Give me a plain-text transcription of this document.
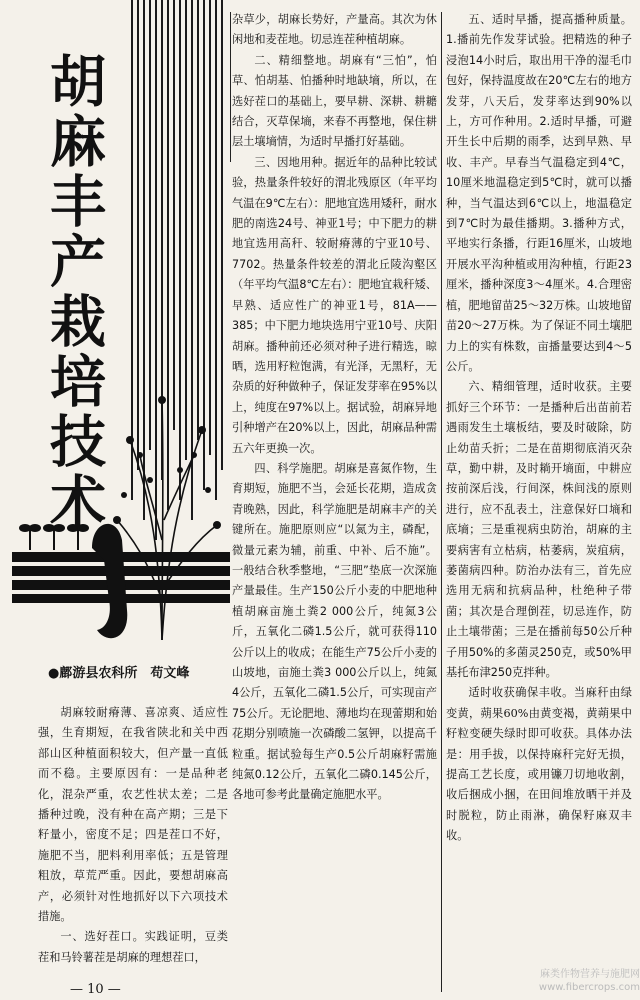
胡麻丰产栽培技术
●鄜游县农科所　苟文峰

胡麻较耐瘠薄、喜凉爽、适应性强，生育期短，在我省陕北和关中西部山区种植面积较大，但产量一直低而不稳。主要原因有：一是品种老化，混杂严重，农艺性状太差；二是播种过晚，没有种在高产期；三是下籽量小，密度不足；四是茬口不好，施肥不当，肥料利用率低；五是管理粗放，草荒严重。因此，要想胡麻高产，必须针对性地抓好以下六项技术措施。

一、选好茬口。实践证明，豆类茬和马铃薯茬是胡麻的理想茬口，

杂草少，胡麻长势好，产量高。其次为休闲地和麦茬地。切忌连茬种植胡麻。

二、精细整地。胡麻有“三怕”，怕草、怕胡基、怕播种时地缺墒，所以，在选好茬口的基础上，要早耕、深耕、耕耱结合，灭草保墒，来春不再整地，保住耕层土壤墒情，为适时早播打好基础。

三、因地用种。据近年的品种比较试验，热量条件较好的渭北残原区（年平均气温在9℃左右）：肥地宜选用矮秆，耐水肥的南选24号、神亚1号；中下肥力的耕地宜选用高秆、较耐瘠薄的宁亚10号、7702。热量条件较差的渭北丘陵沟壑区（年平均气温8℃左右）：肥地宜栽秆矮、早熟、适应性广的神亚1号，81A——385；中下肥力地块选用宁亚10号、庆阳胡麻。播种前还必须对种子进行精选，晾晒，选用籽粒饱满，有光泽，无黑籽，无杂质的好种做种子，保证发芽率在95%以上，纯度在97%以上。据试验，胡麻异地引种增产在20%以上，因此，胡麻品种需五六年更换一次。

四、科学施肥。胡麻是喜氮作物，生育期短，施肥不当，会延长花期，造成贪青晚熟，因此，科学施肥是胡麻丰产的关键所在。施肥原则应“以氮为主，磷配，微量元素为辅，前重、中补、后不施”。一般结合秋季整地，“三肥”垫底一次深施产量最佳。生产150公斤小麦的中肥地种植胡麻亩施土粪2 000公斤，纯氮3公斤，五氧化二磷1.5公斤，就可获得110公斤以上的收成；在能生产75公斤小麦的山坡地，亩施土粪3 000公斤以上，纯氮4公斤，五氧化二磷1.5公斤，可实现亩产75公斤。无论肥地、薄地均在现蕾期和始花期分别喷施一次磷酸二氢钾，以提高千粒重。据试验每生产0.5公斤胡麻籽需施纯氮0.12公斤，五氧化二磷0.145公斤，各地可参考此量确定施肥水平。

五、适时早播，提高播种质量。1.播前先作发芽试验。把精选的种子浸泡14小时后，取出用干净的湿毛巾包好，保持温度故在20℃左右的地方发芽，八天后，发芽率达到90%以上，方可作种用。2.适时早播，可避开生长中后期的雨季，达到早熟、早收、丰产。早春当气温稳定到4℃，10厘米地温稳定到5℃时，就可以播种，当气温达到6℃以上，地温稳定到7℃时为最佳播期。3.播种方式，平地实行条播，行距16厘米，山坡地开展水平沟种植或用沟种植，行距23厘米，播种深度3～4厘米。4.合理密植，肥地留苗25～32万株。山坡地留苗20～27万株。为了保证不同土壤肥力上的实有株数，亩播量要达到4～5公斤。

六、精细管理，适时收获。主要抓好三个环节：一是播种后出苗前若遇雨发生土壤板结，要及时破除，防止幼苗夭折；二是在苗期彻底消灭杂草，勤中耕，及时耥开墒面，中耕应按前深后浅，行间深，株间浅的原则进行，应不乱表土，注意保好口墒和底墒；三是重视病虫防治，胡麻的主要病害有立枯病，枯萎病，炭疽病，萎菌病四种。防治办法有三，首先应选用无病和抗病品种，杜绝种子带菌；其次是合理倒茬，切忌连作，防止土壤带菌；三是在播前每50公斤种子用50%的多菌灵250克，或50%甲基托布津250克拌种。

适时收获确保丰收。当麻秆由绿变黄，蒴果60%由黄变褐，黄蒴果中籽粒变硬失绿时即可收获。具体办法是：用手拔，以保持麻秆完好无损，提高工艺长度，或用镰刀切地收割，收后捆成小捆，在田间堆放晒干并及时脱粒，防止雨淋，确保籽麻双丰收。

— 10 —
麻类作物营养与施肥网 www.fibercrops.com
